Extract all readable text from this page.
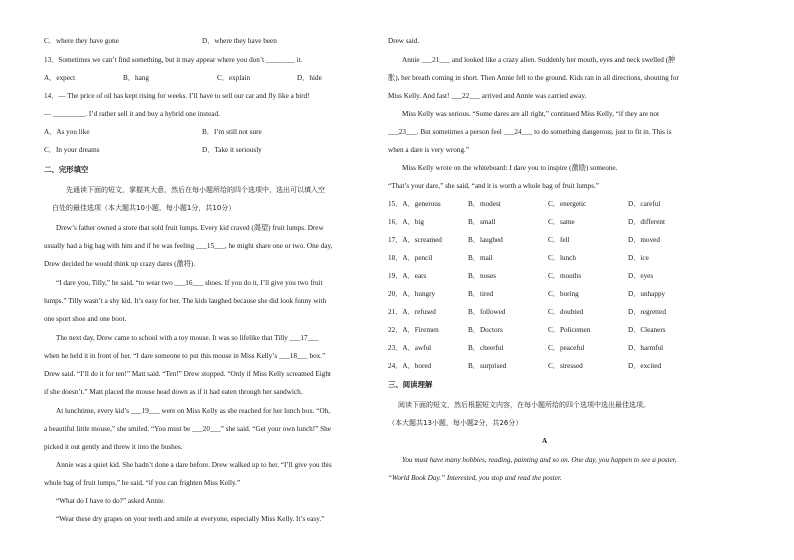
C．where they have gone	D．where they have been
13．Sometimes we can’t find something, but it may appear where you don’t ________ it.
A．expect	B．hang	C．explain	D．hide
14．— The price of oil has kept rising for weeks. I’ll have to sell our car and fly like a bird!
— _________. I’d rather sell it and buy a hybrid one instead.
A．As you like	B．I’m still not sure
C．In your dreams	D．Take it seriously
二、完形填空
先通读下面的短文，掌握其大意，然后在每小题所给的四个选项中，选出可以填入空
白处的最佳选项（本大题共10小题，每小题1分，共10分）
Drew’s father owned a store that sold fruit lumps. Every kid craved (渴望) fruit lumps. Drew
usually had a big bag with him and if he was feeling ___15___, he might share one or two. One day,
Drew decided he would think up crazy dares (激将).
“I dare you, Tilly,” he said, “to wear two ___16___ shoes. If you do it, I’ll give you two fruit
lumps.” Tilly wasn’t a shy kid. It’s easy for her. The kids laughed because she did look funny with
one sport shoe and one boot.
The next day, Drew came to school with a toy mouse. It was so lifelike that Tilly ___17___
when he held it in front of her. “I dare someone to put this mouse in Miss Kelly’s ___18___ box.”
Drew said. “I’ll do it for ten!” Matt said. “Ten!” Drew stopped. “Only if Miss Kelly screamed Eight
if she doesn’t.” Matt placed the mouse head down as if it had eaten through her sandwich.
At lunchtime, every kid’s ___19___ were on Miss Kelly as she reached for her lunch box. “Oh,
a beautiful little mouse,” she smiled. “You must be ___20___” she said. “Get your own lunch!” She
picked it out gently and threw it into the bushes.
Annie was a quiet kid. She hadn’t done a dare before. Drew walked up to her. “I’ll give you this
whole bag of fruit lumps,” he said, “if you can frighten Miss Kelly.”
“What do I have to do?” asked Annie.
“Wear these dry grapes on your teeth and smile at everyone, especially Miss Kelly. It’s easy.”
Drew said.
Annie ___21___ and looked like a crazy alien. Suddenly her mouth, eyes and neck swelled (肿
胀), her breath coming in short. Then Annie fell to the ground. Kids ran in all directions, shouting for
Miss Kelly. And fast! ___22___ arrived and Annie was carried away.
Miss Kelly was serious. “Some dares are all right,” continued Miss Kelly, “if they are not
___23___. But sometimes a person feel ___24___ to do something dangerous, just to fit in. This is
when a dare is very wrong.”
Miss Kelly wrote on the whiteboard: I dare you to inspire (激励) someone.
“That’s your dare,” she said, “and it is worth a whole bag of fruit lumps.”
15．A．generous	B．modest	C．energetic	D．careful
16．A．big	B．small	C．same	D．different
17．A．screamed	B．laughed	C．fell	D．moved
18．A．pencil	B．mail	C．lunch	D．ice
19．A．ears	B．noses	C．mouths	D．eyes
20．A．hungry	B．tired	C．boring	D．unhappy
21．A．refused	B．followed	C．doubted	D．regretted
22．A．Firemen	B．Doctors	C．Policemen	D．Cleaners
23．A．awful	B．cheerful	C．peaceful	D．harmful
24．A．bored	B．surprised	C．stressed	D．excited
三、阅读理解
阅读下面的短文，然后根据短文内容，在每小题所给的四个选项中选出最佳选项。
（本大题共13小题，每小题2分，共26分）
A
You must have many hobbies, reading, painting and so on. One day, you happen to see a poster,
“World Book Day.” Interested, you stop and read the poster.
